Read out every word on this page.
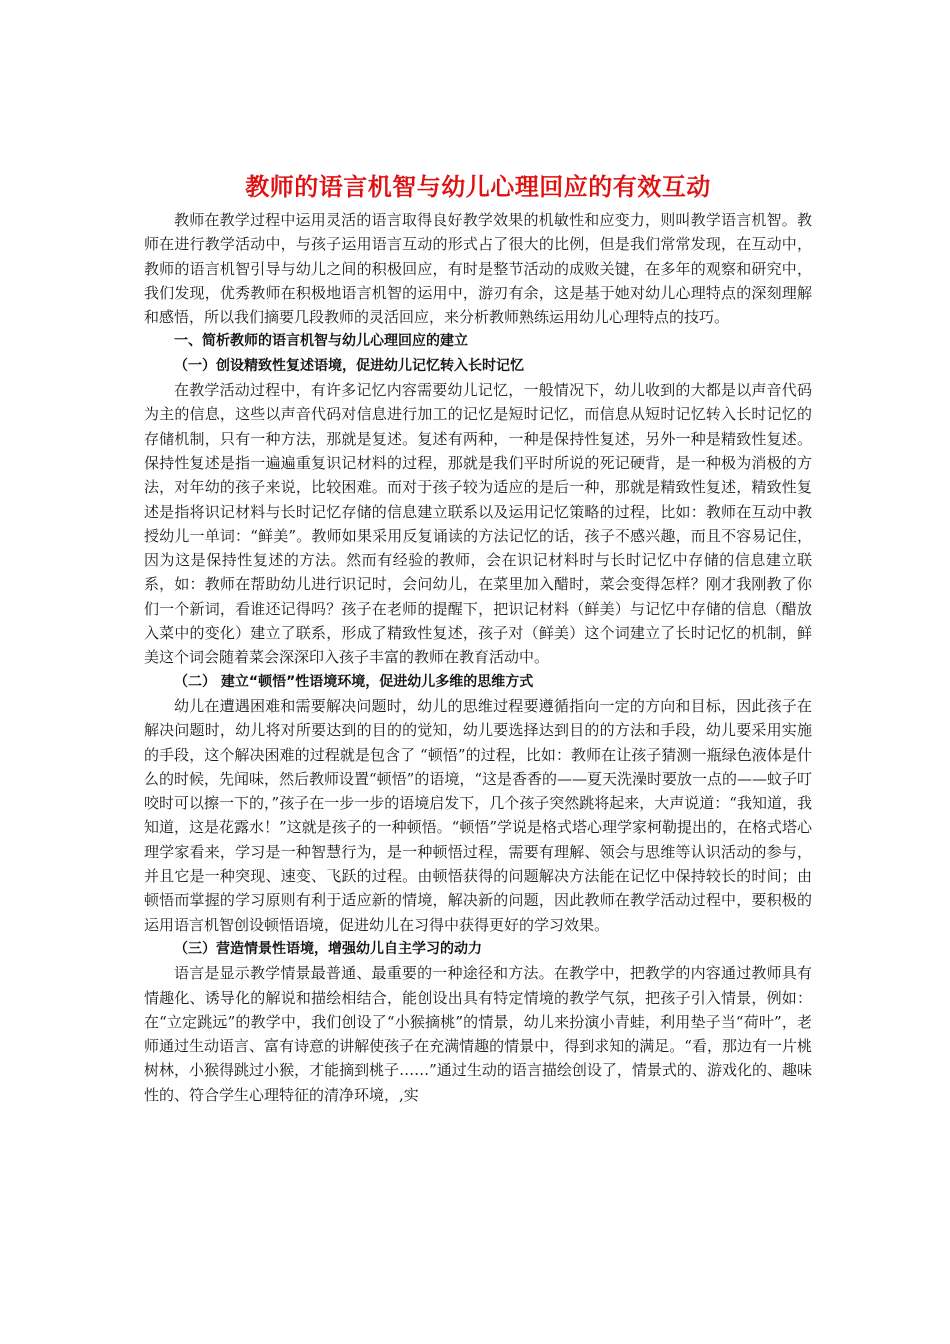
教师的语言机智与幼儿心理回应的有效互动

教师在教学过程中运用灵活的语言取得良好教学效果的机敏性和应变力，则叫教学语言机智。教师在进行教学活动中，与孩子运用语言互动的形式占了很大的比例，但是我们常常发现，在互动中，教师的语言机智引导与幼儿之间的积极回应，有时是整节活动的成败关键，在多年的观察和研究中，我们发现，优秀教师在积极地语言机智的运用中，游刃有余，这是基于她对幼儿心理特点的深刻理解和感悟，所以我们摘要几段教师的灵活回应，来分析教师熟练运用幼儿心理特点的技巧。

一、简析教师的语言机智与幼儿心理回应的建立

（一）创设精致性复述语境，促进幼儿记忆转入长时记忆

在教学活动过程中，有许多记忆内容需要幼儿记忆，一般情况下，幼儿收到的大都是以声音代码为主的信息，这些以声音代码对信息进行加工的记忆是短时记忆，而信息从短时记忆转入长时记忆的存储机制，只有一种方法，那就是复述。复述有两种，一种是保持性复述，另外一种是精致性复述。保持性复述是指一遍遍重复识记材料的过程，那就是我们平时所说的死记硬背，是一种极为消极的方法，对年幼的孩子来说，比较困难。而对于孩子较为适应的是后一种，那就是精致性复述，精致性复述是指将识记材料与长时记忆存储的信息建立联系以及运用记忆策略的过程，比如：教师在互动中教授幼儿一单词：“鲜美”。教师如果采用反复诵读的方法记忆的话，孩子不感兴趣，而且不容易记住，因为这是保持性复述的方法。然而有经验的教师，会在识记材料时与长时记忆中存储的信息建立联系，如：教师在帮助幼儿进行识记时，会问幼儿，在菜里加入醋时，菜会变得怎样？刚才我刚教了你们一个新词，看谁还记得吗？孩子在老师的提醒下，把识记材料（鲜美）与记忆中存储的信息（醋放入菜中的变化）建立了联系，形成了精致性复述，孩子对（鲜美）这个词建立了长时记忆的机制，鲜美这个词会随着菜会深深印入孩子丰富的教师在教育活动中。

（二） 建立“顿悟”性语境环境，促进幼儿多维的思维方式

幼儿在遭遇困难和需要解决问题时，幼儿的思维过程要遵循指向一定的方向和目标，因此孩子在解决问题时，幼儿将对所要达到的目的的觉知，幼儿要选择达到目的的方法和手段，幼儿要采用实施的手段，这个解决困难的过程就是包含了 “顿悟”的过程，比如：教师在让孩子猜测一瓶绿色液体是什么的时候，先闻味，然后教师设置“顿悟”的语境，“这是香香的——夏天洗澡时要放一点的——蚊子叮咬时可以擦一下的，”孩子在一步一步的语境启发下，几个孩子突然跳将起来，大声说道：“我知道，我知道，这是花露水！”这就是孩子的一种顿悟。“顿悟”学说是格式塔心理学家柯勒提出的，在格式塔心理学家看来，学习是一种智慧行为，是一种顿悟过程，需要有理解、领会与思维等认识活动的参与，并且它是一种突现、速变、飞跃的过程。由顿悟获得的问题解决方法能在记忆中保持较长的时间；由顿悟而掌握的学习原则有利于适应新的情境，解决新的问题，因此教师在教学活动过程中，要积极的运用语言机智创设顿悟语境，促进幼儿在习得中获得更好的学习效果。

（三）营造情景性语境，增强幼儿自主学习的动力

语言是显示教学情景最普通、最重要的一种途径和方法。在教学中，把教学的内容通过教师具有情趣化、诱导化的解说和描绘相结合，能创设出具有特定情境的教学气氛，把孩子引入情景，例如：在“立定跳远”的教学中，我们创设了“小猴摘桃”的情景，幼儿来扮演小青蛙，利用垫子当“荷叶”，老师通过生动语言、富有诗意的讲解使孩子在充满情趣的情景中，得到求知的满足。“看，那边有一片桃树林，小猴得跳过小猴，才能摘到桃子……”通过生动的语言描绘创设了，情景式的、游戏化的、趣味性的、符合学生心理特征的清净环境，,实
